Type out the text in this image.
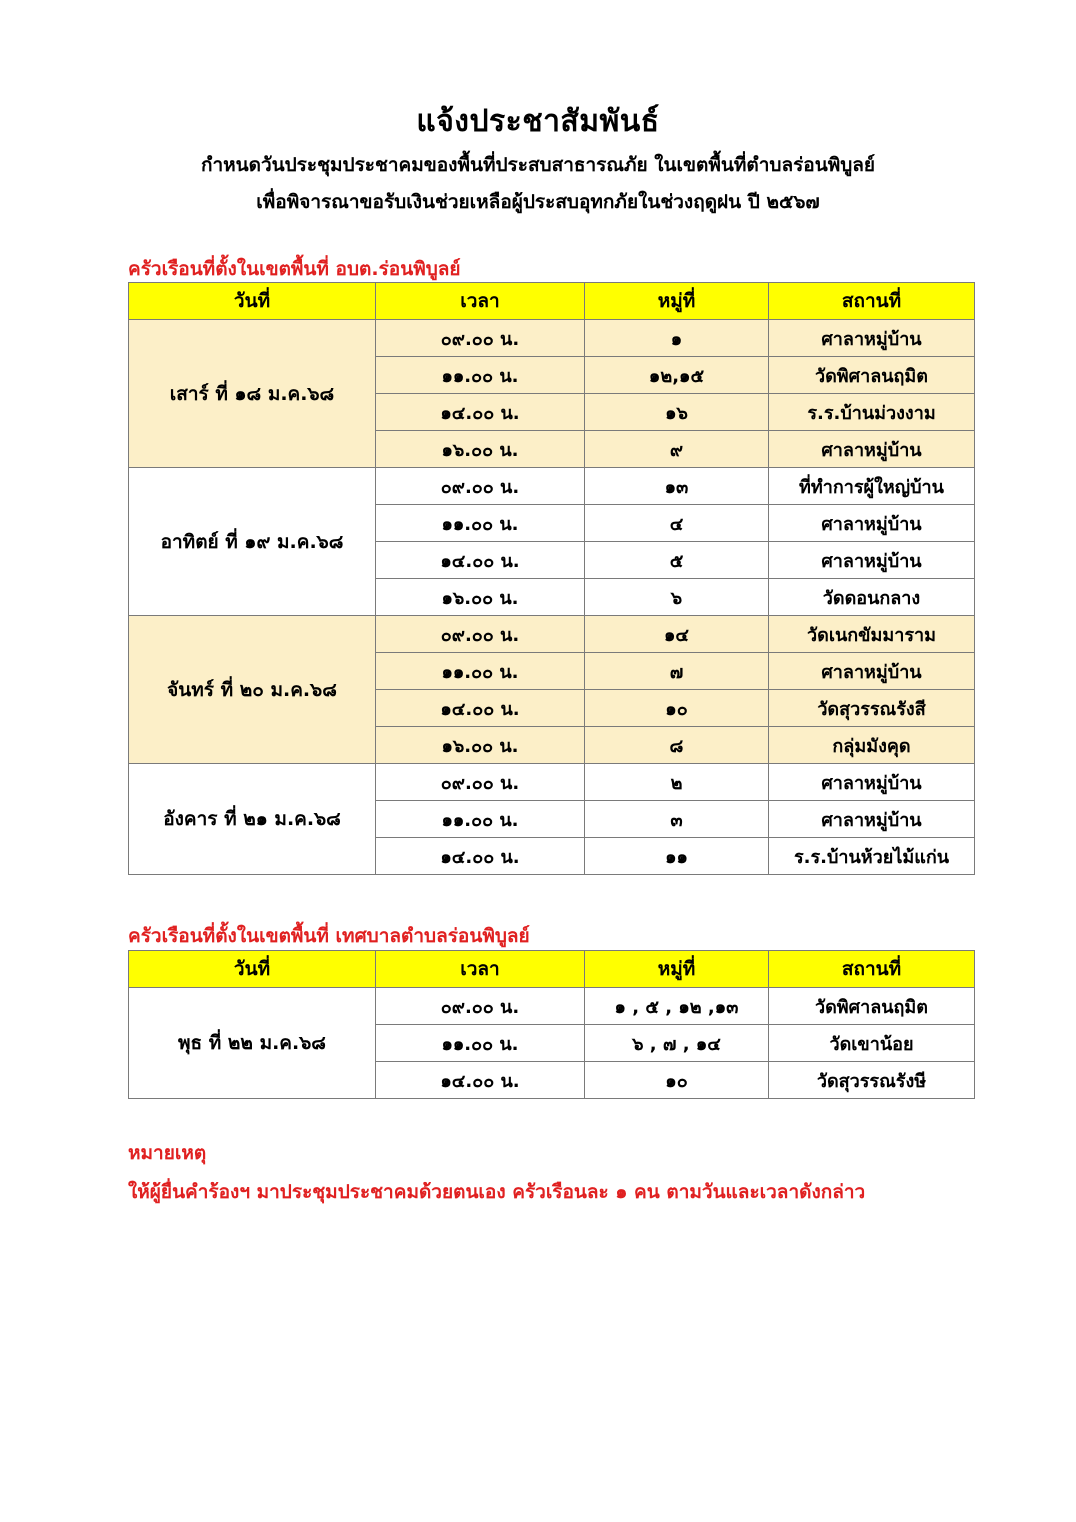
แจ้งประชาสัมพันธ์
กำหนดวันประชุมประชาคมของพื้นที่ประสบสาธารณภัย ในเขตพื้นที่ตำบลร่อนพิบูลย์
เพื่อพิจารณาขอรับเงินช่วยเหลือผู้ประสบอุทกภัยในช่วงฤดูฝน ปี ๒๕๖๗
ครัวเรือนที่ตั้งในเขตพื้นที่ อบต.ร่อนพิบูลย์
วันที่	เวลา	หมู่ที่	สถานที่
เสาร์ ที่ ๑๘ ม.ค.๖๘	๐๙.๐๐ น.	๑	ศาลาหมู่บ้าน
	๑๑.๐๐ น.	๑๒,๑๕	วัดพิศาลนฤมิต
	๑๔.๐๐ น.	๑๖	ร.ร.บ้านม่วงงาม
	๑๖.๐๐ น.	๙	ศาลาหมู่บ้าน
อาทิตย์ ที่ ๑๙ ม.ค.๖๘	๐๙.๐๐ น.	๑๓	ที่ทำการผู้ใหญ่บ้าน
	๑๑.๐๐ น.	๔	ศาลาหมู่บ้าน
	๑๔.๐๐ น.	๕	ศาลาหมู่บ้าน
	๑๖.๐๐ น.	๖	วัดดอนกลาง
จันทร์ ที่ ๒๐ ม.ค.๖๘	๐๙.๐๐ น.	๑๔	วัดเนกขัมมาราม
	๑๑.๐๐ น.	๗	ศาลาหมู่บ้าน
	๑๔.๐๐ น.	๑๐	วัดสุวรรณรังสี
	๑๖.๐๐ น.	๘	กลุ่มมังคุด
อังคาร ที่ ๒๑ ม.ค.๖๘	๐๙.๐๐ น.	๒	ศาลาหมู่บ้าน
	๑๑.๐๐ น.	๓	ศาลาหมู่บ้าน
	๑๔.๐๐ น.	๑๑	ร.ร.บ้านห้วยไม้แก่น
ครัวเรือนที่ตั้งในเขตพื้นที่ เทศบาลตำบลร่อนพิบูลย์
วันที่	เวลา	หมู่ที่	สถานที่
พุธ ที่ ๒๒ ม.ค.๖๘	๐๙.๐๐ น.	๑ , ๕ , ๑๒ ,๑๓	วัดพิศาลนฤมิต
	๑๑.๐๐ น.	๖ , ๗ , ๑๔	วัดเขาน้อย
	๑๔.๐๐ น.	๑๐	วัดสุวรรณรังษี
หมายเหตุ
ให้ผู้ยื่นคำร้องฯ มาประชุมประชาคมด้วยตนเอง ครัวเรือนละ ๑ คน ตามวันและเวลาดังกล่าว
